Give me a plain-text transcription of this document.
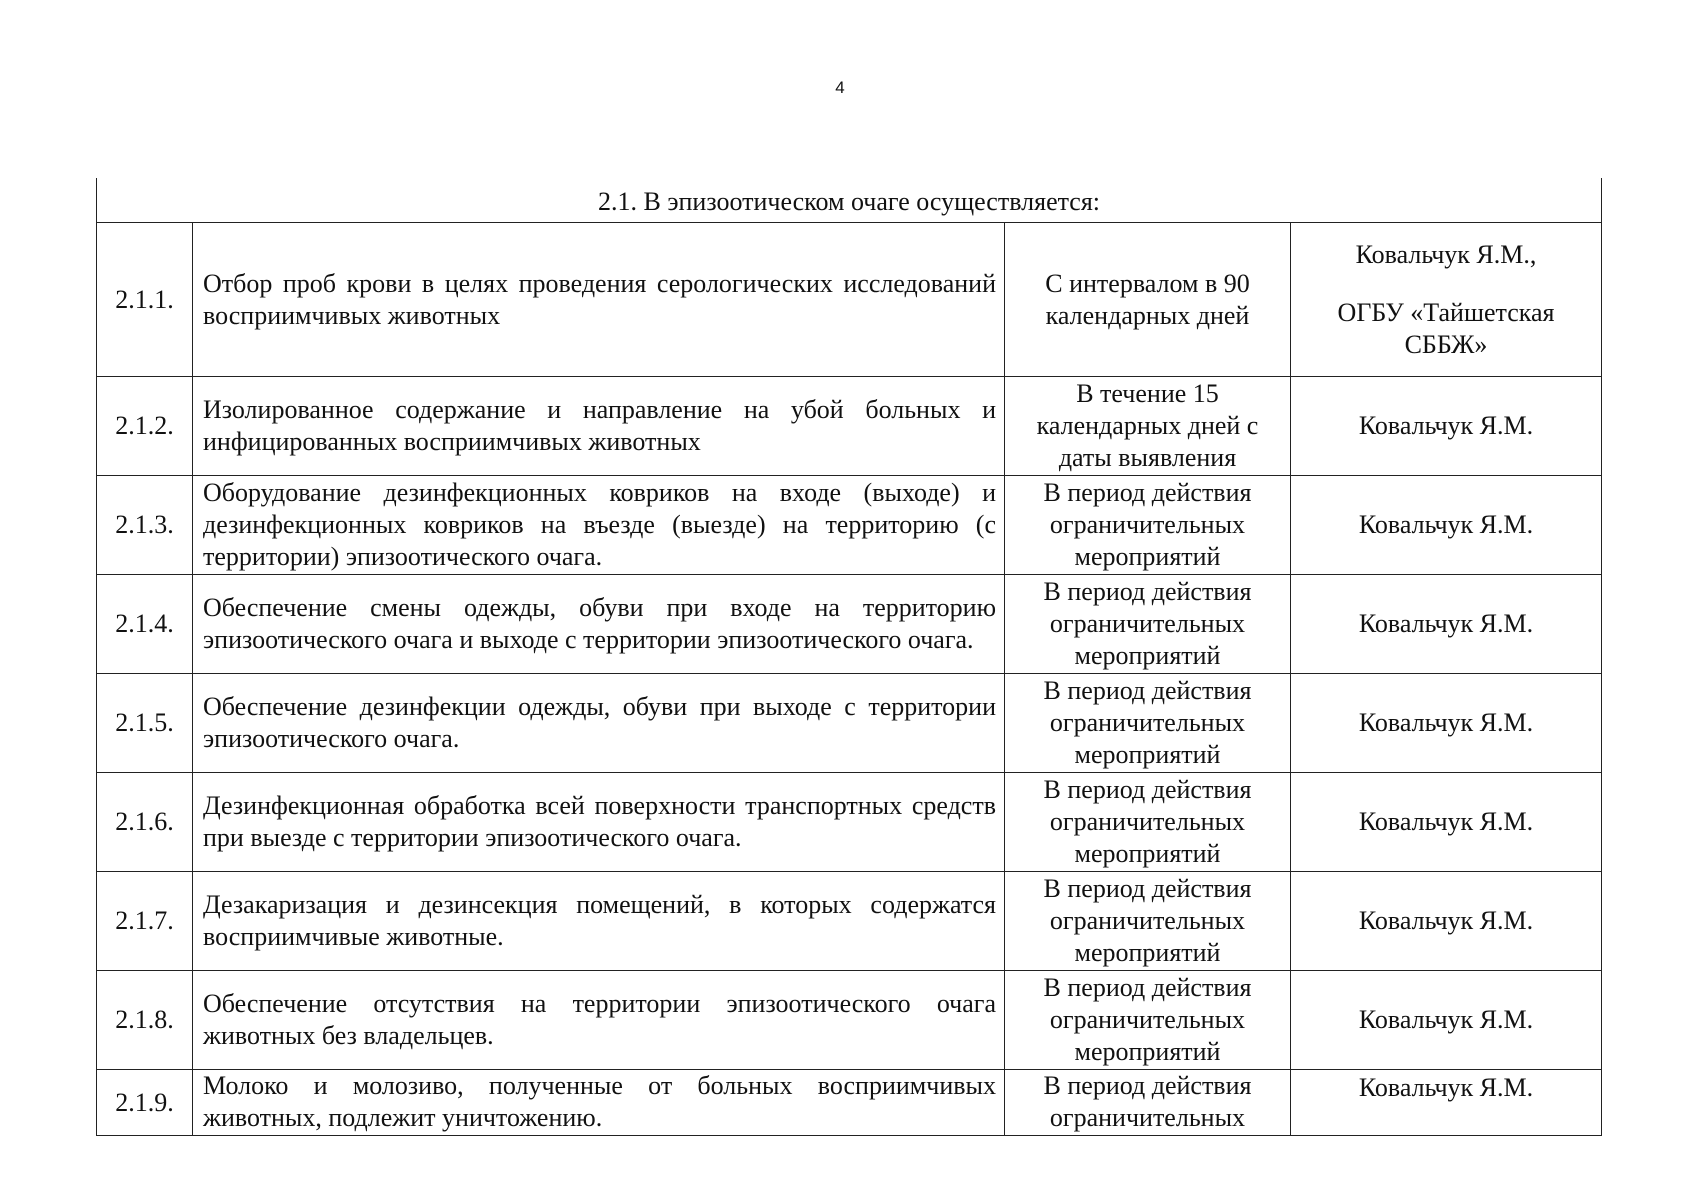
4
2.1. В эпизоотическом очаге осуществляется:			
2.1.1.	Отбор проб крови в целях проведения серологических исследований восприимчивых животных	С интервалом в 90 календарных дней	Ковальчук Я.М.,
ОГБУ «Тайшетская
СББЖ»

2.1.2.	Изолированное содержание и направление на убой больных и инфицированных восприимчивых животных	В течение 15 календарных дней с даты выявления	Ковальчук Я.М.
2.1.3.	Оборудование дезинфекционных ковриков на входе (выходе) и дезинфекционных ковриков на въезде (выезде) на территорию (с территории) эпизоотического очага.	В период действия ограничительных мероприятий	Ковальчук Я.М.
2.1.4.	Обеспечение смены одежды, обуви при входе на территорию эпизоотического очага и выходе с территории эпизоотического очага.	В период действия ограничительных мероприятий	Ковальчук Я.М.
2.1.5.	Обеспечение дезинфекции одежды, обуви при выходе с территории эпизоотического очага.	В период действия ограничительных мероприятий	Ковальчук Я.М.
2.1.6.	Дезинфекционная обработка всей поверхности транспортных средств при выезде с территории эпизоотического очага.	В период действия ограничительных мероприятий	Ковальчук Я.М.
2.1.7.	Дезакаризация и дезинсекция помещений, в которых содержатся восприимчивые животные.	В период действия ограничительных мероприятий	Ковальчук Я.М.
2.1.8.	Обеспечение отсутствия на территории эпизоотического очага животных без владельцев.	В период действия ограничительных мероприятий	Ковальчук Я.М.
2.1.9.	Молоко и молозиво, полученные от больных восприимчивых животных, подлежит уничтожению.	В период действия ограничительных	Ковальчук Я.М.
